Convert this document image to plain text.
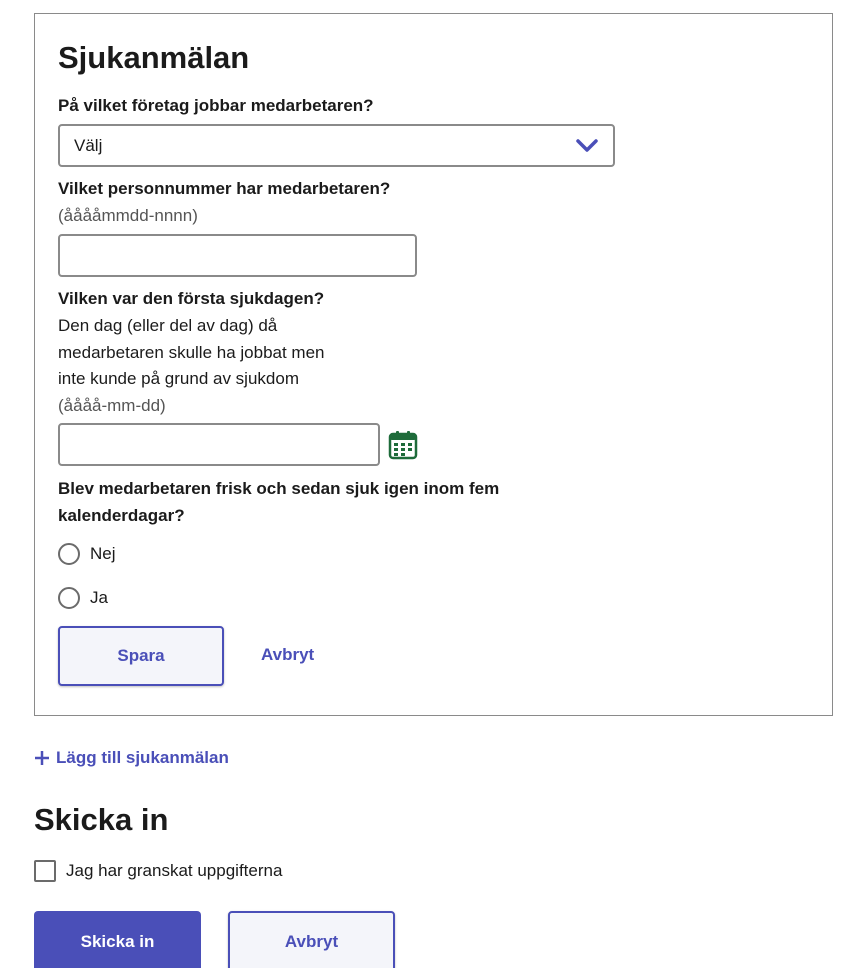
Sjukanmälan

På vilket företag jobbar medarbetaren?

Välj

Vilket personnummer har medarbetaren?

(ååååmmdd-nnnn)

Vilken var den första sjukdagen?

Den dag (eller del av dag) då

medarbetaren skulle ha jobbat men

inte kunde på grund av sjukdom

(åååå-mm-dd)

Blev medarbetaren frisk och sedan sjuk igen inom fem

kalenderdagar?

Nej
Ja
Spara	Avbryt
Lägg till sjukanmälan
Skicka in
Jag har granskat uppgifterna
Skicka in	Avbryt
